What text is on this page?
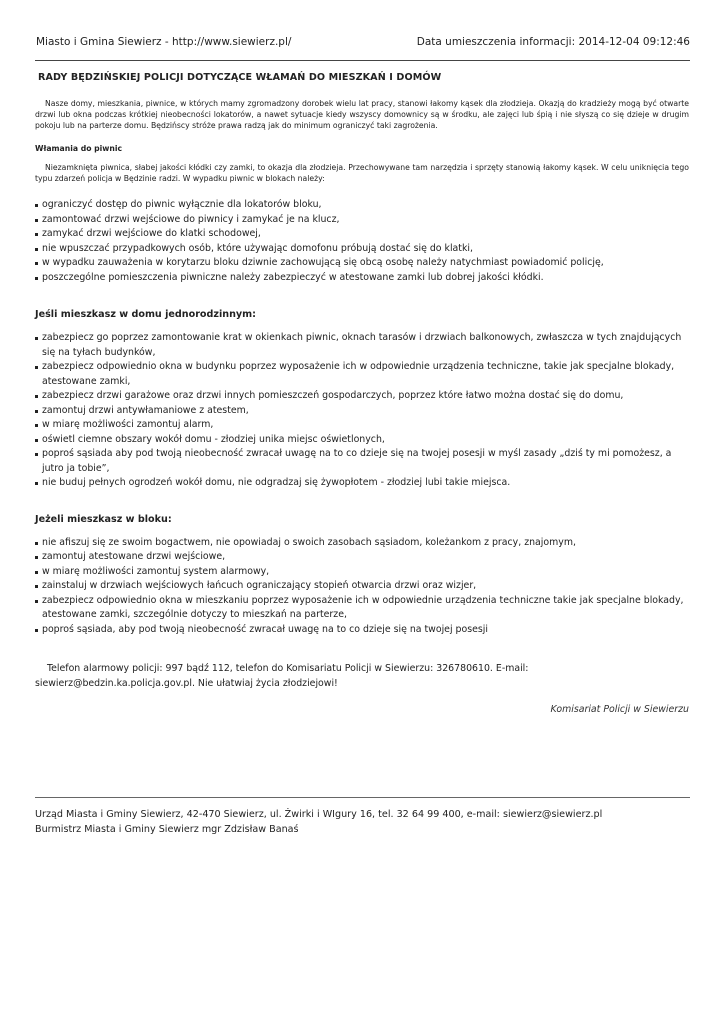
Miasto i Gmina Siewierz - http://www.siewierz.pl/	Data umieszczenia informacji: 2014-12-04 09:12:46
RADY BĘDZIŃSKIEJ POLICJI DOTYCZĄCE WŁAMAŃ DO MIESZKAŃ I DOMÓW

Nasze domy, mieszkania, piwnice, w których mamy zgromadzony dorobek wielu lat pracy, stanowi łakomy kąsek dla złodzieja. Okazją do kradzieży mogą być otwarte drzwi lub okna podczas krótkiej nieobecności lokatorów, a nawet sytuacje kiedy wszyscy domownicy są w środku, ale zajęci lub śpią i nie słyszą co się dzieje w drugim pokoju lub na parterze domu. Będzińscy stróże prawa radzą jak do minimum ograniczyć taki zagrożenia.

Włamania do piwnic

Niezamknięta piwnica, słabej jakości kłódki czy zamki, to okazja dla złodzieja. Przechowywane tam narzędzia i sprzęty stanowią łakomy kąsek. W celu uniknięcia tego typu zdarzeń policja w Będzinie radzi. W wypadku piwnic w blokach należy:

ograniczyć dostęp do piwnic wyłącznie dla lokatorów bloku,
zamontować drzwi wejściowe do piwnicy i zamykać je na klucz,
zamykać drzwi wejściowe do klatki schodowej,
nie wpuszczać przypadkowych osób, które używając domofonu próbują dostać się do klatki,
w wypadku zauważenia w korytarzu bloku dziwnie zachowującą się obcą osobę należy natychmiast powiadomić policję,
poszczególne pomieszczenia piwniczne należy zabezpieczyć w atestowane zamki lub dobrej jakości kłódki.
Jeśli mieszkasz w domu jednorodzinnym:
zabezpiecz go poprzez zamontowanie krat w okienkach piwnic, oknach tarasów i drzwiach balkonowych, zwłaszcza w tych znajdujących się na tyłach budynków,
zabezpiecz odpowiednio okna w budynku poprzez wyposażenie ich w odpowiednie urządzenia techniczne, takie jak specjalne blokady, atestowane zamki,
zabezpiecz drzwi garażowe oraz drzwi innych pomieszczeń gospodarczych, poprzez które łatwo można dostać się do domu,
zamontuj drzwi antywłamaniowe z atestem,
w miarę możliwości zamontuj alarm,
oświetl ciemne obszary wokół domu - złodziej unika miejsc oświetlonych,
poproś sąsiada aby pod twoją nieobecność zwracał uwagę na to co dzieje się na twojej posesji w myśl zasady „dziś ty mi pomożesz, a jutro ja tobie”,
nie buduj pełnych ogrodzeń wokół domu, nie odgradzaj się żywopłotem - złodziej lubi takie miejsca.
Jeżeli mieszkasz w bloku:
nie afiszuj się ze swoim bogactwem, nie opowiadaj o swoich zasobach sąsiadom, koleżankom z pracy, znajomym,
zamontuj atestowane drzwi wejściowe,
w miarę możliwości zamontuj system alarmowy,
zainstaluj w drzwiach wejściowych łańcuch ograniczający stopień otwarcia drzwi oraz wizjer,
zabezpiecz odpowiednio okna w mieszkaniu poprzez wyposażenie ich w odpowiednie urządzenia techniczne takie jak specjalne blokady, atestowane zamki, szczególnie dotyczy to mieszkań na parterze,
poproś sąsiada, aby pod twoją nieobecność zwracał uwagę na to co dzieje się na twojej posesji

Telefon alarmowy policji: 997 bądź 112, telefon do Komisariatu Policji w Siewierzu: 326780610. E-mail: siewierz@bedzin.ka.policja.gov.pl. Nie ułatwiaj życia złodziejowi!

Komisariat Policji w Siewierzu
Urząd Miasta i Gminy Siewierz, 42-470 Siewierz, ul. Żwirki i WIgury 16, tel. 32 64 99 400, e-mail: siewierz@siewierz.pl
Burmistrz Miasta i Gminy Siewierz mgr Zdzisław Banaś
